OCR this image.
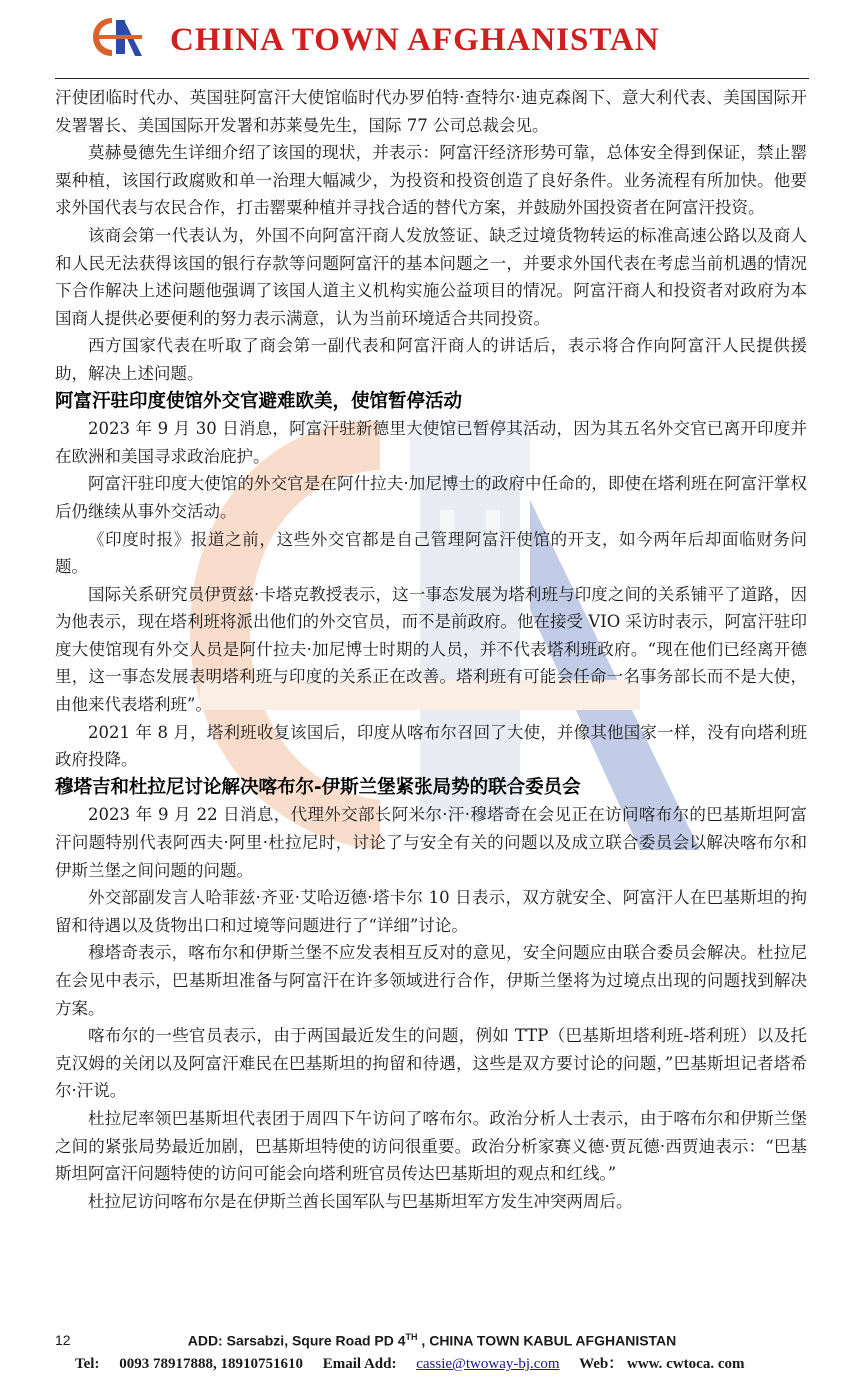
CHINA TOWN AFGHANISTAN

汗使团临时代办、英国驻阿富汗大使馆临时代办罗伯特·查特尔·迪克森阁下、意大利代表、美国国际开发署署长、美国国际开发署和苏莱曼先生，国际 77 公司总裁会见。

莫赫曼德先生详细介绍了该国的现状，并表示：阿富汗经济形势可靠，总体安全得到保证，禁止罂粟种植，该国行政腐败和单一治理大幅减少，为投资和投资创造了良好条件。业务流程有所加快。他要求外国代表与农民合作，打击罂粟种植并寻找合适的替代方案，并鼓励外国投资者在阿富汗投资。

该商会第一代表认为，外国不向阿富汗商人发放签证、缺乏过境货物转运的标准高速公路以及商人和人民无法获得该国的银行存款等问题阿富汗的基本问题之一，并要求外国代表在考虑当前机遇的情况下合作解决上述问题他强调了该国人道主义机构实施公益项目的情况。阿富汗商人和投资者对政府为本国商人提供必要便利的努力表示满意，认为当前环境适合共同投资。

西方国家代表在听取了商会第一副代表和阿富汗商人的讲话后，表示将合作向阿富汗人民提供援助，解决上述问题。

阿富汗驻印度使馆外交官避难欧美，使馆暂停活动

2023 年 9 月 30 日消息，阿富汗驻新德里大使馆已暂停其活动，因为其五名外交官已离开印度并在欧洲和美国寻求政治庇护。

阿富汗驻印度大使馆的外交官是在阿什拉夫·加尼博士的政府中任命的，即使在塔利班在阿富汗掌权后仍继续从事外交活动。

《印度时报》报道之前，这些外交官都是自己管理阿富汗使馆的开支，如今两年后却面临财务问题。

国际关系研究员伊贾兹·卡塔克教授表示，这一事态发展为塔利班与印度之间的关系铺平了道路，因为他表示，现在塔利班将派出他们的外交官员，而不是前政府。他在接受 VIO 采访时表示，阿富汗驻印度大使馆现有外交人员是阿什拉夫·加尼博士时期的人员，并不代表塔利班政府。“现在他们已经离开德里，这一事态发展表明塔利班与印度的关系正在改善。塔利班有可能会任命一名事务部长而不是大使，由他来代表塔利班”。

2021 年 8 月，塔利班收复该国后，印度从喀布尔召回了大使，并像其他国家一样，没有向塔利班政府投降。

穆塔吉和杜拉尼讨论解决喀布尔-伊斯兰堡紧张局势的联合委员会

2023 年 9 月 22 日消息，代理外交部长阿米尔·汗·穆塔奇在会见正在访问喀布尔的巴基斯坦阿富汗问题特别代表阿西夫·阿里·杜拉尼时，讨论了与安全有关的问题以及成立联合委员会以解决喀布尔和伊斯兰堡之间问题的问题。

外交部副发言人哈菲兹·齐亚·艾哈迈德·塔卡尔 10 日表示，双方就安全、阿富汗人在巴基斯坦的拘留和待遇以及货物出口和过境等问题进行了“详细”讨论。

穆塔奇表示，喀布尔和伊斯兰堡不应发表相互反对的意见，安全问题应由联合委员会解决。杜拉尼在会见中表示，巴基斯坦准备与阿富汗在许多领域进行合作，伊斯兰堡将为过境点出现的问题找到解决方案。

喀布尔的一些官员表示，由于两国最近发生的问题，例如 TTP（巴基斯坦塔利班-塔利班）以及托克汉姆的关闭以及阿富汗难民在巴基斯坦的拘留和待遇，这些是双方要讨论的问题，”巴基斯坦记者塔希尔·汗说。

杜拉尼率领巴基斯坦代表团于周四下午访问了喀布尔。政治分析人士表示，由于喀布尔和伊斯兰堡之间的紧张局势最近加剧，巴基斯坦特使的访问很重要。政治分析家赛义德·贾瓦德·西贾迪表示：“巴基斯坦阿富汗问题特使的访问可能会向塔利班官员传达巴基斯坦的观点和红线。”

杜拉尼访问喀布尔是在伊斯兰酋长国军队与巴基斯坦军方发生冲突两周后。

12	ADD: Sarsabzi, Squre Road PD 4TH , CHINA TOWN KABUL AFGHANISTAN
Tel: 0093 78917888, 18910751610 Email Add: cassie@twoway-bj.com Web： www. cwtoca. com
